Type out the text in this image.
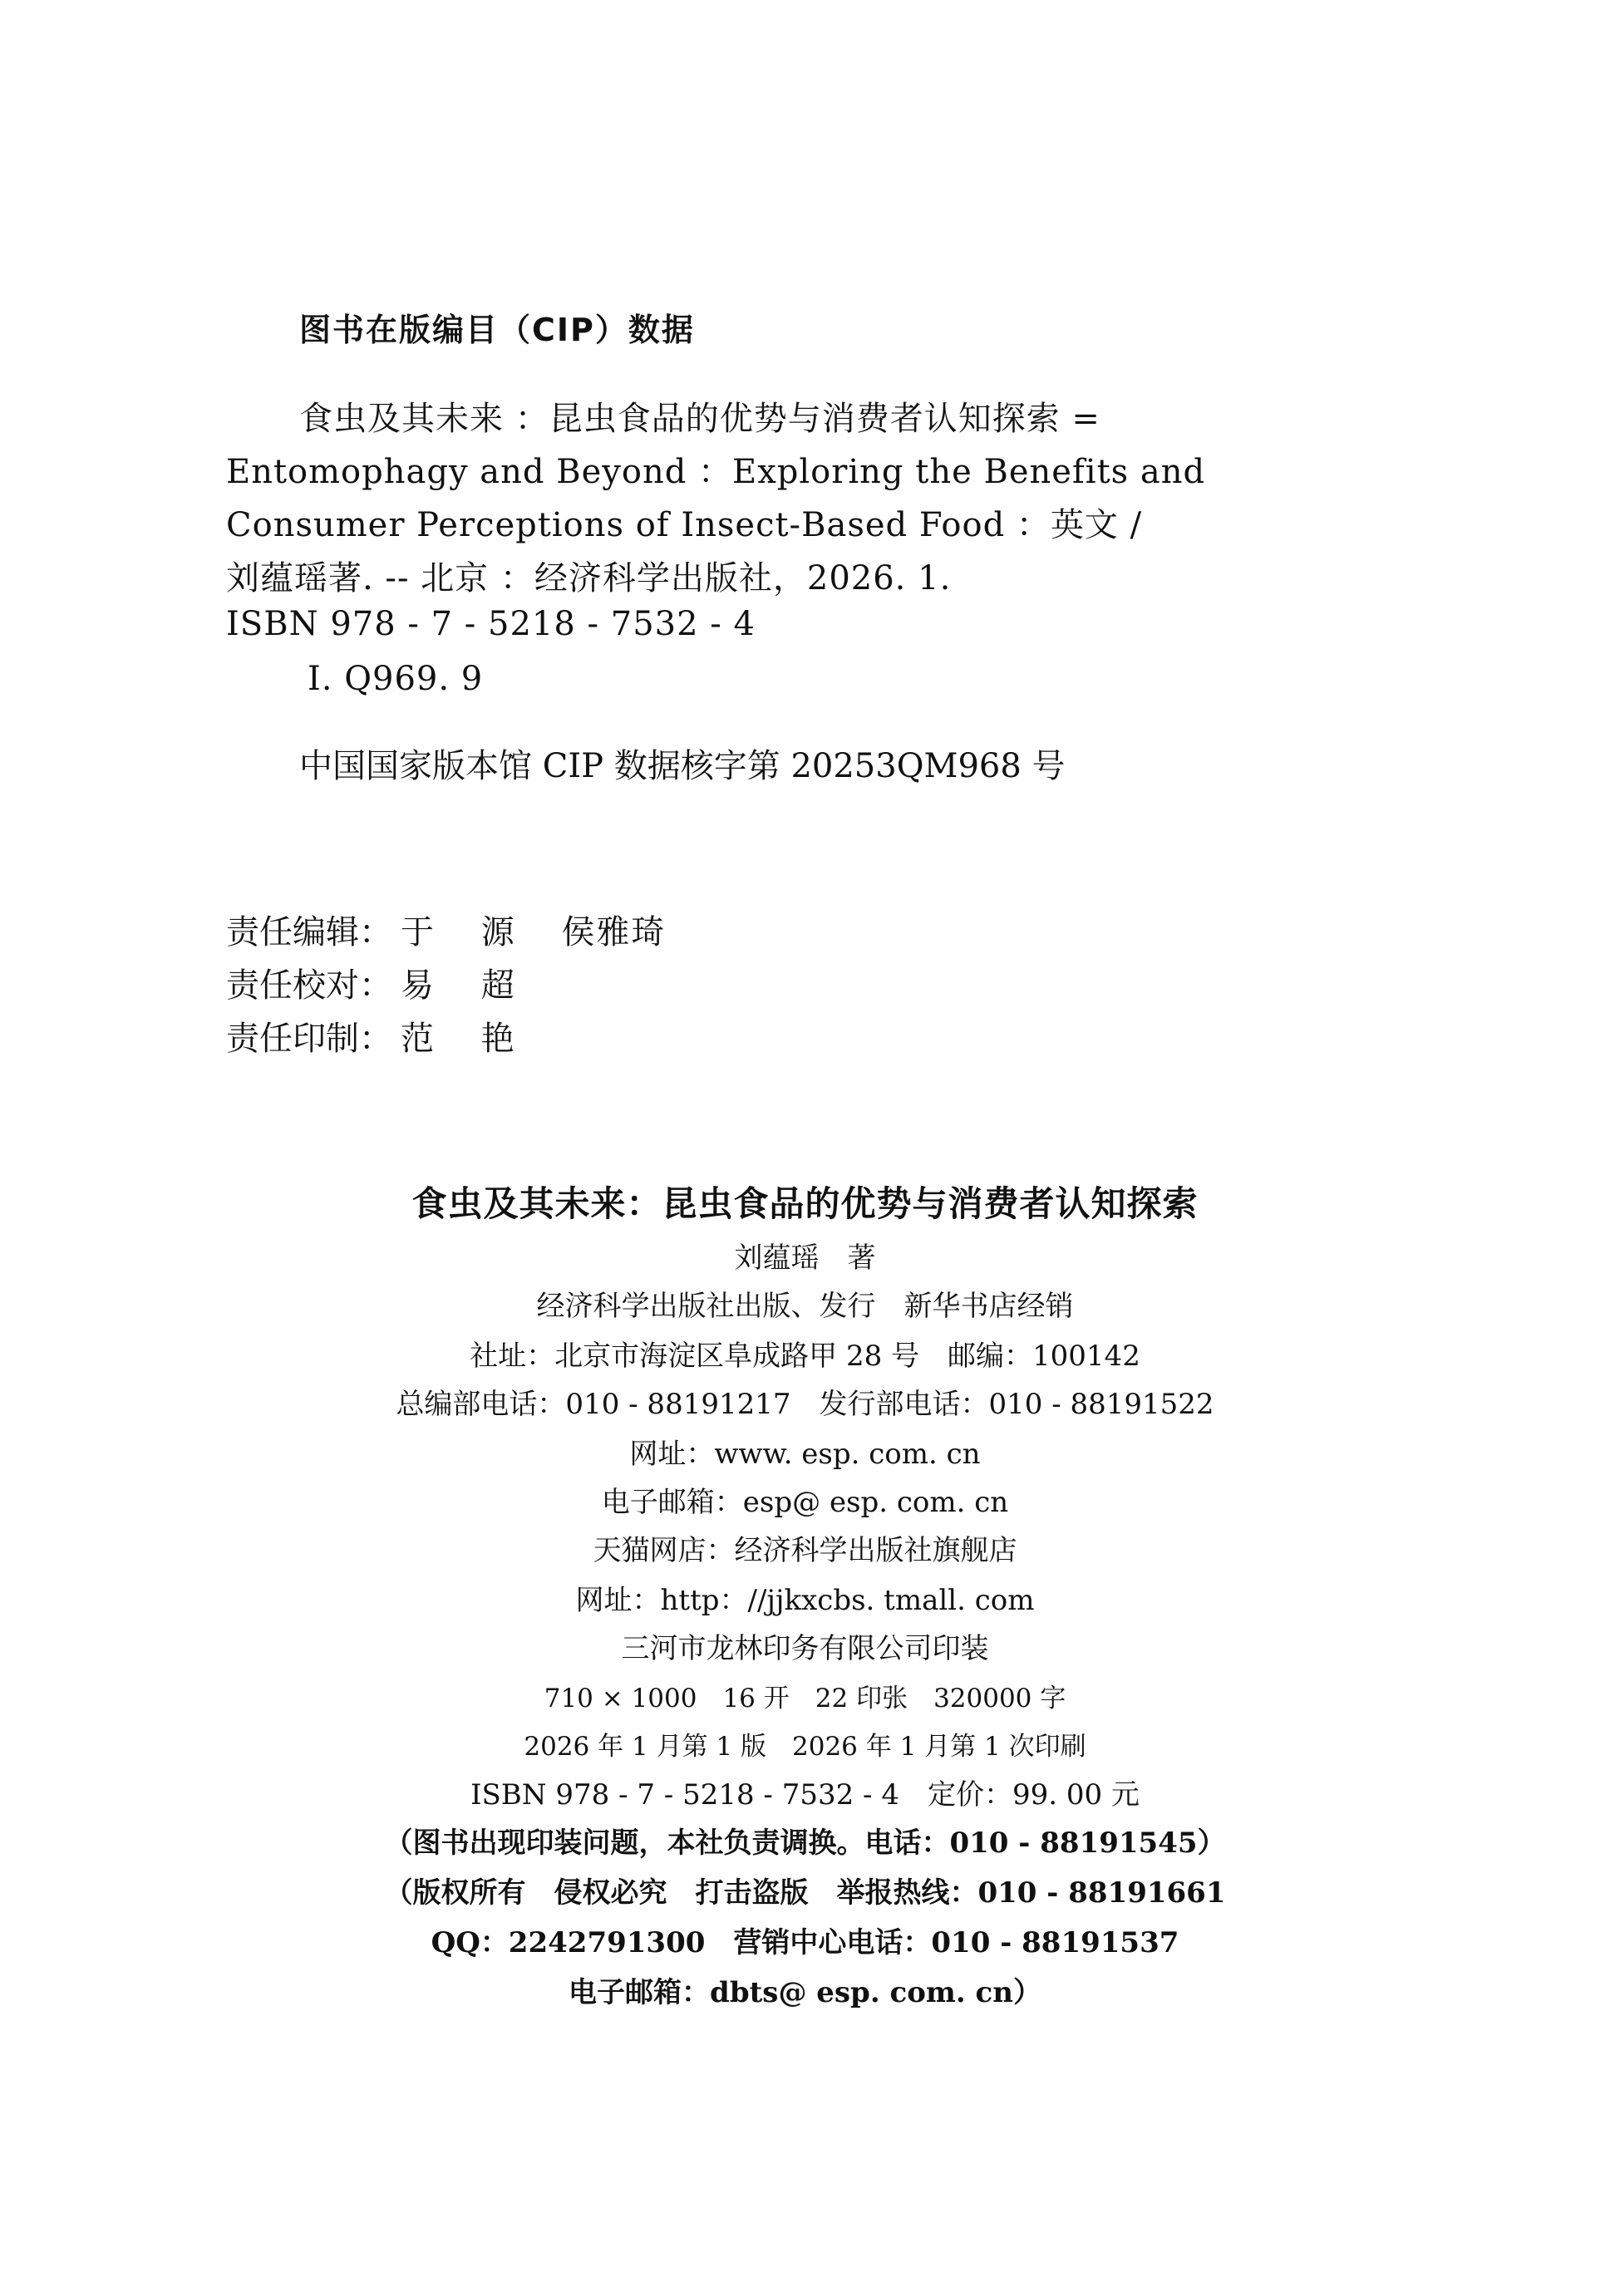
图书在版编目（CIP）数据
食虫及其未来 ：昆虫食品的优势与消费者认知探索 =
Entomophagy and Beyond ：Exploring the Benefits and
Consumer Perceptions of Insect-Based Food ：英文 /
刘蕴瑶著. -- 北京 ：经济科学出版社，2026. 1.
ISBN 978 - 7 - 5218 - 7532 - 4
Ⅰ. Q969. 9
中国国家版本馆 CIP 数据核字第 20253QM968 号
责任编辑： 于 源 侯雅琦
责任校对： 易 超
责任印制： 范 艳
食虫及其未来：昆虫食品的优势与消费者认知探索
刘蕴瑶　著
经济科学出版社出版、发行　新华书店经销
社址：北京市海淀区阜成路甲 28 号　邮编：100142
总编部电话：010 - 88191217　发行部电话：010 - 88191522
网址：www. esp. com. cn
电子邮箱：esp@ esp. com. cn
天猫网店：经济科学出版社旗舰店
网址：http：//jjkxcbs. tmall. com
三河市龙林印务有限公司印装
710 × 1000　16 开　22 印张　320000 字
2026 年 1 月第 1 版　2026 年 1 月第 1 次印刷
ISBN 978 - 7 - 5218 - 7532 - 4　定价：99. 00 元
（图书出现印装问题，本社负责调换。电话：010 - 88191545）
（版权所有　侵权必究　打击盗版　举报热线：010 - 88191661
QQ：2242791300　营销中心电话：010 - 88191537
电子邮箱：dbts@ esp. com. cn）
